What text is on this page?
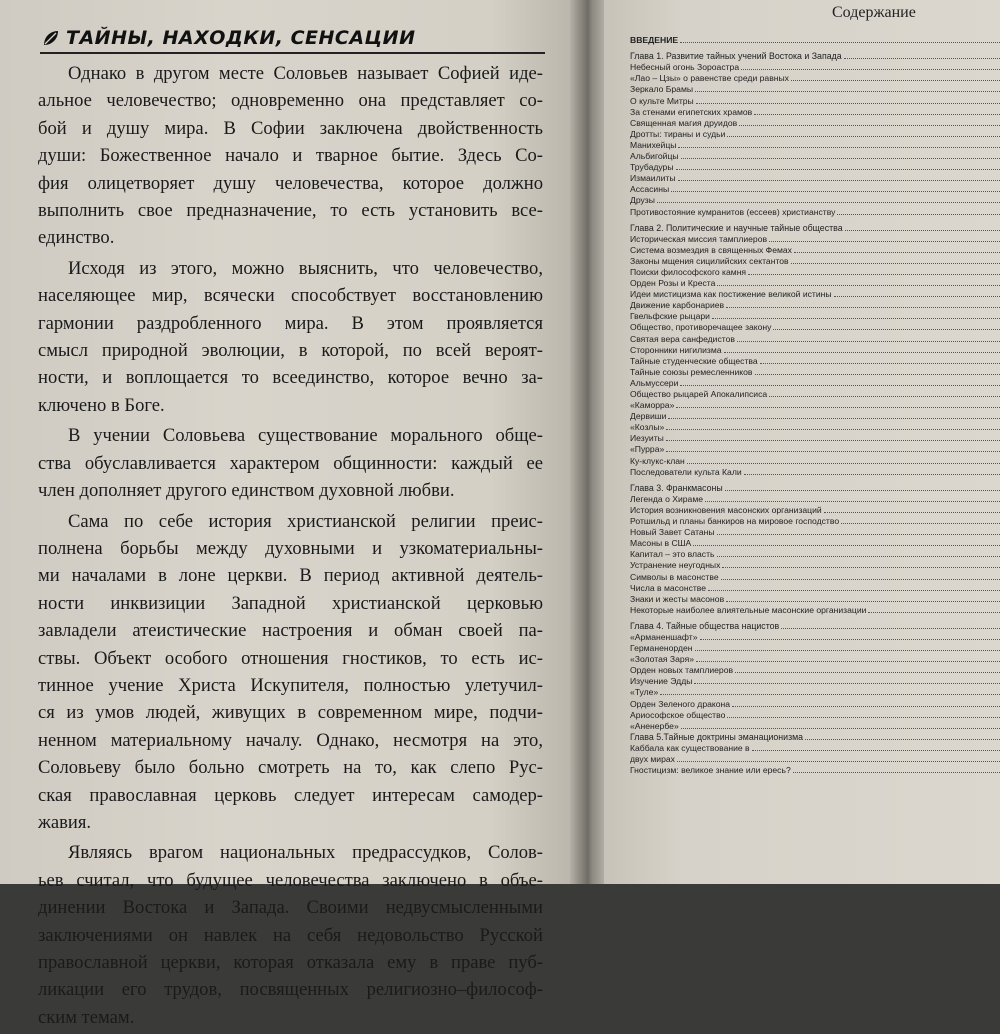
ТАЙНЫ, НАХОДКИ, СЕНСАЦИИ
Однако в другом месте Соловьев называет Софией иде-
альное человечество; одновременно она представляет со-
бой и душу мира. В Софии заключена двойственность
души: Божественное начало и тварное бытие. Здесь Со-
фия олицетворяет душу человечества, которое должно
выполнить свое предназначение, то есть установить все-
единство.
Исходя из этого, можно выяснить, что человечество,
населяющее мир, всячески способствует восстановлению
гармонии раздробленного мира. В этом проявляется
смысл природной эволюции, в которой, по всей вероят-
ности, и воплощается то всеединство, которое вечно за-
ключено в Боге.
В учении Соловьева существование морального обще-
ства обуславливается характером общинности: каждый ее
член дополняет другого единством духовной любви.
Сама по себе история христианской религии преис-
полнена борьбы между духовными и узкоматериальны-
ми началами в лоне церкви. В период активной деятель-
ности инквизиции Западной христианской церковью
завладели атеистические настроения и обман своей па-
ствы. Объект особого отношения гностиков, то есть ис-
тинное учение Христа Искупителя, полностью улетучил-
ся из умов людей, живущих в современном мире, подчи-
ненном материальному началу. Однако, несмотря на это,
Соловьеву было больно смотреть на то, как слепо Рус-
ская православная церковь следует интересам самодер-
жавия.
Являясь врагом национальных предрассудков, Солов-
ьев считал, что будущее человечества заключено в объе-
динении Востока и Запада. Своими недвусмысленными
заключениями он навлек на себя недовольство Русской
православной церкви, которая отказала ему в праве пуб-
ликации его трудов, посвященных религиозно–философ-
ским темам.
Содержание
ВВЕДЕНИЕ
Глава 1. Развитие тайных учений Востока и Запада
Небесный огонь Зороастра
«Лао – Цзы» о равенстве среди равных
Зеркало Брамы
О культе Митры
За стенами египетских храмов
Священная магия друидов
Дротты: тираны и судьи
Манихейцы
Альбигойцы
Трубадуры
Измаилиты
Ассасины
Друзы
Противостояние кумранитов (ессеев) христианству
Глава 2. Политические и научные тайные общества
Историческая миссия тамплиеров
Система возмездия в священных Фемах
Законы мщения сицилийских сектантов
Поиски философского камня
Орден Розы и Креста
Идеи мистицизма как постижение великой истины
Движение карбонариев
Гвельфские рыцари
Общество, противоречащее закону
Святая вера санфедистов
Сторонники нигилизма
Тайные студенческие общества
Тайные союзы ремесленников
Альмуссери
Общество рыцарей Апокалипсиса
«Каморра»
Дервиши
«Козлы»
Иезуиты
«Пурра»
Ку-клукс-клан
Последователи культа Кали
Глава 3. Франкмасоны
Легенда о Хираме
История возникновения масонских организаций
Ротшильд и планы банкиров на мировое господство
Новый Завет Сатаны
Масоны в США
Капитал – это власть
Устранение неугодных
Символы в масонстве
Числа в масонстве
Знаки и жесты масонов
Некоторые наиболее влиятельные масонские организации
Глава 4. Тайные общества нацистов
«Арманеншафт»
Германенорден
«Золотая Заря»
Орден новых тамплиеров
Изучение Эдды
«Туле»
Орден Зеленого дракона
Ариософское общество
«Аненербе»
Глава 5.Тайные доктрины эманационизма
Каббала как существование в
двух мирах
Гностицизм: великое знание или ересь?
